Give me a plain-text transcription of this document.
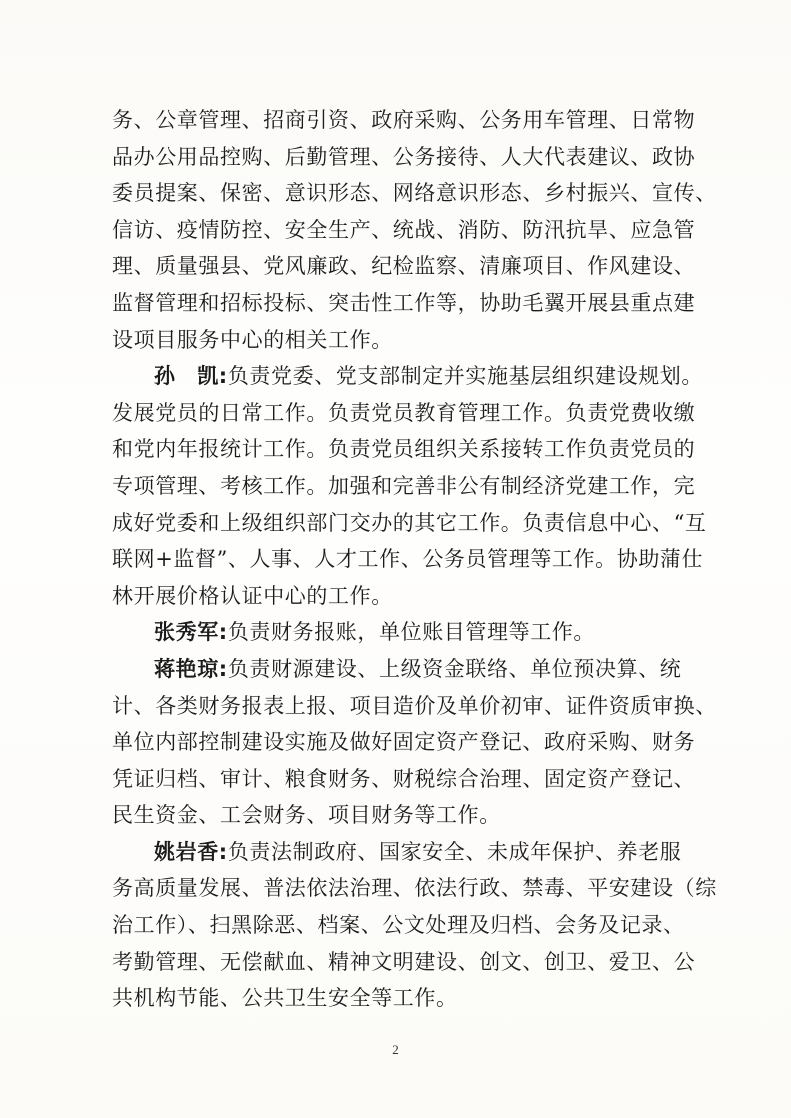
务、公章管理、招商引资、政府采购、公务用车管理、日常物
品办公用品控购、后勤管理、公务接待、人大代表建议、政协
委员提案、保密、意识形态、网络意识形态、乡村振兴、宣传、
信访、疫情防控、安全生产、统战、消防、防汛抗旱、应急管
理、质量强县、党风廉政、纪检监察、清廉项目、作风建设、
监督管理和招标投标、突击性工作等，协助毛翼开展县重点建
设项目服务中心的相关工作。
孙　凯:负责党委、党支部制定并实施基层组织建设规划。
发展党员的日常工作。负责党员教育管理工作。负责党费收缴
和党内年报统计工作。负责党员组织关系接转工作负责党员的
专项管理、考核工作。加强和完善非公有制经济党建工作，完
成好党委和上级组织部门交办的其它工作。负责信息中心、“互
联网+监督”、人事、人才工作、公务员管理等工作。协助蒲仕
林开展价格认证中心的工作。
张秀军:负责财务报账，单位账目管理等工作。
蒋艳琼:负责财源建设、上级资金联络、单位预决算、统
计、各类财务报表上报、项目造价及单价初审、证件资质审换、
单位内部控制建设实施及做好固定资产登记、政府采购、财务
凭证归档、审计、粮食财务、财税综合治理、固定资产登记、
民生资金、工会财务、项目财务等工作。
姚岩香:负责法制政府、国家安全、未成年保护、养老服
务高质量发展、普法依法治理、依法行政、禁毒、平安建设（综
治工作）、扫黑除恶、档案、公文处理及归档、会务及记录、
考勤管理、无偿献血、精神文明建设、创文、创卫、爱卫、公
共机构节能、公共卫生安全等工作。
2
